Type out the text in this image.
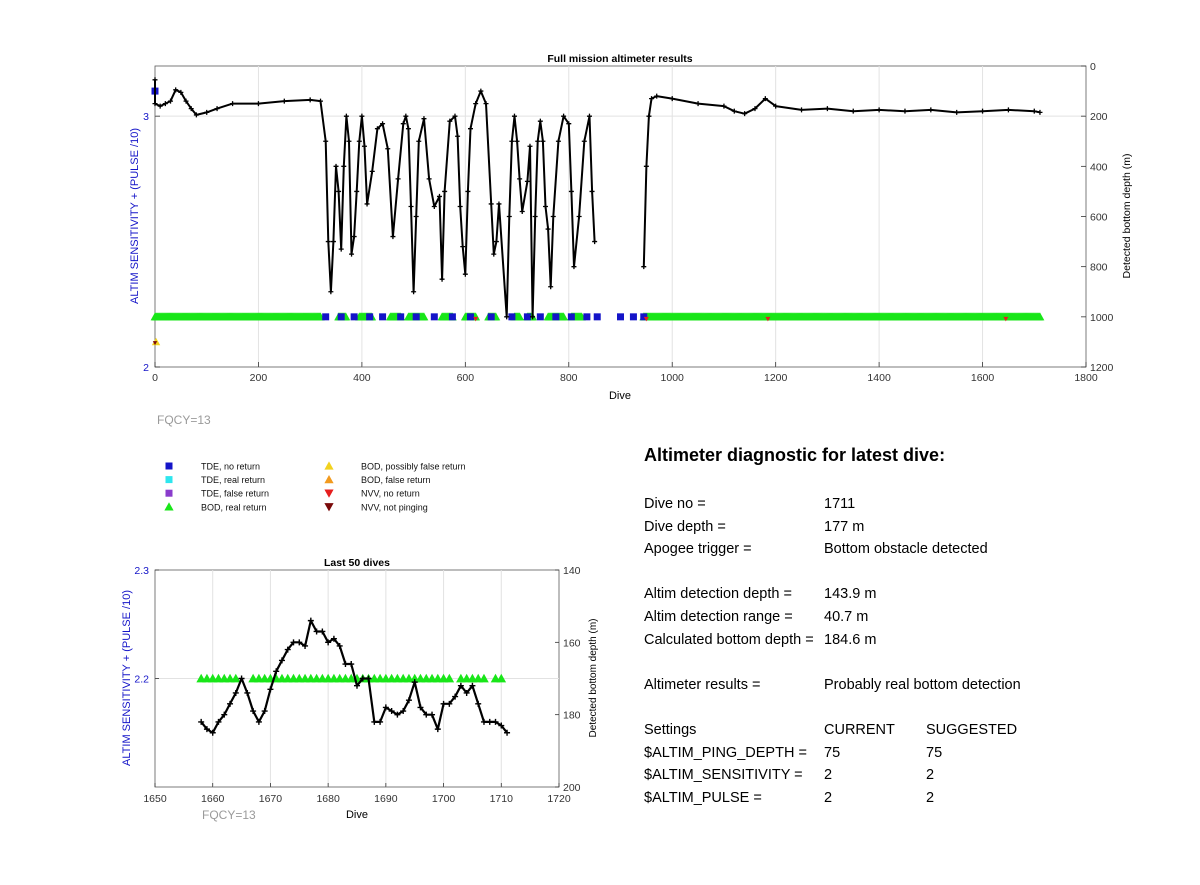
Full mission altimeter results
0	200	400	600	800	1000	1200	1400	1600	1800
2
3
0
200
400
600
800
1000
1200
Dive
ALTIM SENSITIVITY + (PULSE /10)	Detected bottom depth (m)
FQCY=13
TDE, no return
TDE, real return
TDE, false return
BOD, real return
BOD, possibly false return
BOD, false return
NVV, no return
NVV, not pinging
Last 50 dives
1650	1660	1670	1680	1690	1700	1710	1720
2.2
2.3	140
160
180
200
Dive
ALTIM SENSITIVITY + (PULSE /10)	Detected bottom depth (m)
FQCY=13
Altimeter diagnostic for latest dive:
Dive no =	1711
Dive depth =	177 m
Apogee trigger =	Bottom obstacle detected
Altim detection depth = 143.9 m
Altim detection range = 40.7 m
Calculated bottom depth = 184.6 m
Altimeter results =	Probably real bottom detection
Settings	CURRENT SUGGESTED
$ALTIM_PING_DEPTH = 75	75
$ALTIM_SENSITIVITY = 2	2
$ALTIM_PULSE =	2	2
